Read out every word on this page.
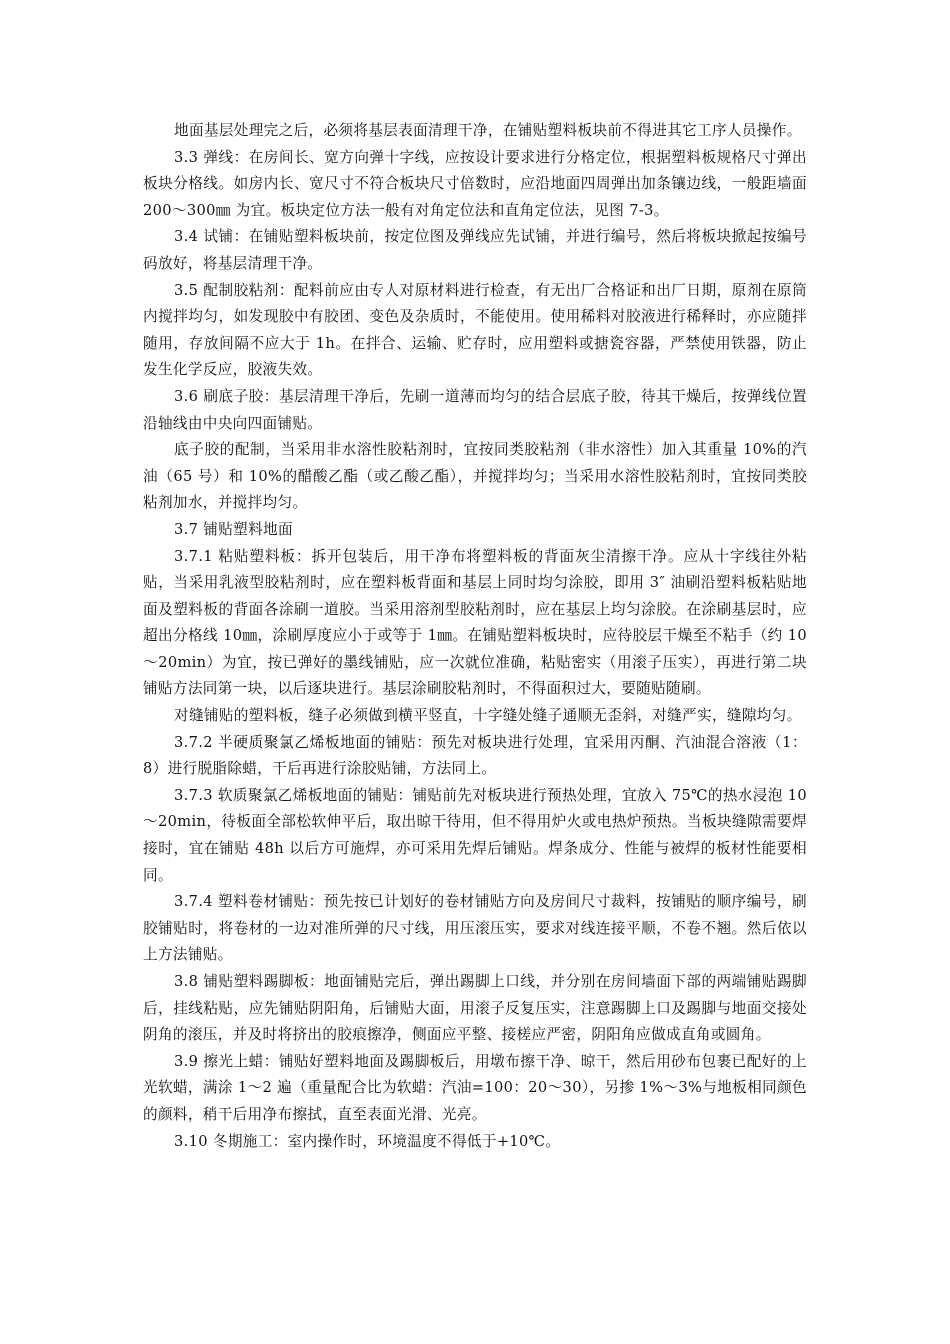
地面基层处理完之后，必须将基层表面清理干净，在铺贴塑料板块前不得进其它工序人员操作。

3.3 弹线：在房间长、宽方向弹十字线，应按设计要求进行分格定位，根据塑料板规格尺寸弹出板块分格线。如房内长、宽尺寸不符合板块尺寸倍数时，应沿地面四周弹出加条镶边线，一般距墙面 200～300㎜ 为宜。板块定位方法一般有对角定位法和直角定位法，见图 7-3。

3.4 试铺：在铺贴塑料板块前，按定位图及弹线应先试铺，并进行编号，然后将板块掀起按编号码放好，将基层清理干净。

3.5 配制胶粘剂：配料前应由专人对原材料进行检查，有无出厂合格证和出厂日期，原剂在原筒内搅拌均匀，如发现胶中有胶团、变色及杂质时，不能使用。使用稀料对胶液进行稀释时，亦应随拌随用，存放间隔不应大于 1h。在拌合、运输、贮存时，应用塑料或搪瓷容器，严禁使用铁器，防止发生化学反应，胶液失效。

3.6 刷底子胶：基层清理干净后，先刷一道薄而均匀的结合层底子胶，待其干燥后，按弹线位置沿轴线由中央向四面铺贴。

底子胶的配制，当采用非水溶性胶粘剂时，宜按同类胶粘剂（非水溶性）加入其重量 10%的汽油（65 号）和 10%的醋酸乙酯（或乙酸乙酯），并搅拌均匀；当采用水溶性胶粘剂时，宜按同类胶粘剂加水，并搅拌均匀。

3.7 铺贴塑料地面

3.7.1 粘贴塑料板：拆开包装后，用干净布将塑料板的背面灰尘清擦干净。应从十字线往外粘贴，当采用乳液型胶粘剂时，应在塑料板背面和基层上同时均匀涂胶，即用 3″ 油刷沿塑料板粘贴地面及塑料板的背面各涂刷一道胶。当采用溶剂型胶粘剂时，应在基层上均匀涂胶。在涂刷基层时，应超出分格线 10㎜，涂刷厚度应小于或等于 1㎜。在铺贴塑料板块时，应待胶层干燥至不粘手（约 10～20min）为宜，按已弹好的墨线铺贴，应一次就位准确，粘贴密实（用滚子压实），再进行第二块铺贴方法同第一块，以后逐块进行。基层涂刷胶粘剂时，不得面积过大，要随贴随刷。

对缝铺贴的塑料板，缝子必须做到横平竖直，十字缝处缝子通顺无歪斜，对缝严实，缝隙均匀。

3.7.2 半硬质聚氯乙烯板地面的铺贴：预先对板块进行处理，宜采用丙酮、汽油混合溶液（1：8）进行脱脂除蜡，干后再进行涂胶贴铺，方法同上。

3.7.3 软质聚氯乙烯板地面的铺贴：铺贴前先对板块进行预热处理，宜放入 75℃的热水浸泡 10～20min，待板面全部松软伸平后，取出晾干待用，但不得用炉火或电热炉预热。当板块缝隙需要焊接时，宜在铺贴 48h 以后方可施焊，亦可采用先焊后铺贴。焊条成分、性能与被焊的板材性能要相同。

3.7.4 塑料卷材铺贴：预先按已计划好的卷材铺贴方向及房间尺寸裁料，按铺贴的顺序编号，刷胶铺贴时，将卷材的一边对准所弹的尺寸线，用压滚压实，要求对线连接平顺，不卷不翘。然后依以上方法铺贴。

3.8 铺贴塑料踢脚板：地面铺贴完后，弹出踢脚上口线，并分别在房间墙面下部的两端铺贴踢脚后，挂线粘贴，应先铺贴阴阳角，后铺贴大面，用滚子反复压实，注意踢脚上口及踢脚与地面交接处阴角的滚压，并及时将挤出的胶痕擦净，侧面应平整、接槎应严密，阴阳角应做成直角或圆角。

3.9 擦光上蜡：铺贴好塑料地面及踢脚板后，用墩布擦干净、晾干，然后用砂布包裹已配好的上光软蜡，满涂 1～2 遍（重量配合比为软蜡：汽油=100：20～30），另掺 1%～3%与地板相同颜色的颜料，稍干后用净布擦拭，直至表面光滑、光亮。

3.10 冬期施工：室内操作时，环境温度不得低于+10℃。
